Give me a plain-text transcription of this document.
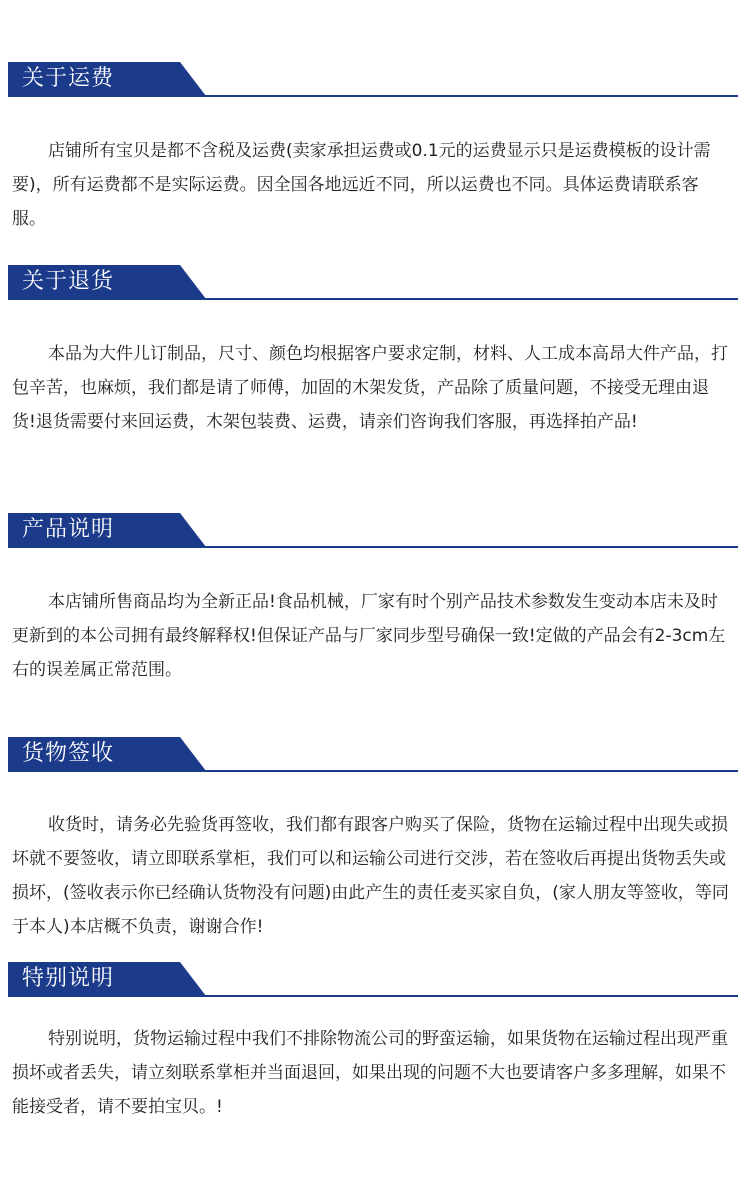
关于运费

店铺所有宝贝是都不含税及运费(卖家承担运费或0.1元的运费显示只是运费模板的设计需要)，所有运费都不是实际运费。因全国各地远近不同，所以运费也不同。具体运费请联系客服。

关于退货

本品为大件儿订制品，尺寸、颜色均根据客户要求定制，材料、人工成本高昂大件产品，打包辛苦，也麻烦，我们都是请了师傅，加固的木架发货，产品除了质量问题，不接受无理由退货!退货需要付来回运费，木架包装费、运费，请亲们咨询我们客服，再选择拍产品!

产品说明

本店铺所售商品均为全新正品!食品机械，厂家有时个别产品技术参数发生变动本店未及时更新到的本公司拥有最终解释权!但保证产品与厂家同步型号确保一致!定做的产品会有2-3cm左右的误差属正常范围。

货物签收

收货时，请务必先验货再签收，我们都有跟客户购买了保险，货物在运输过程中出现失或损坏就不要签收，请立即联系掌柜，我们可以和运输公司进行交涉，若在签收后再提出货物丢失或损坏，(签收表示你已经确认货物没有问题)由此产生的责任麦买家自负，(家人朋友等签收，等同于本人)本店概不负责，谢谢合作!

特别说明

特别说明，货物运输过程中我们不排除物流公司的野蛮运输，如果货物在运输过程出现严重损坏或者丢失，请立刻联系掌柜并当面退回，如果出现的问题不大也要请客户多多理解，如果不能接受者，请不要拍宝贝。!
